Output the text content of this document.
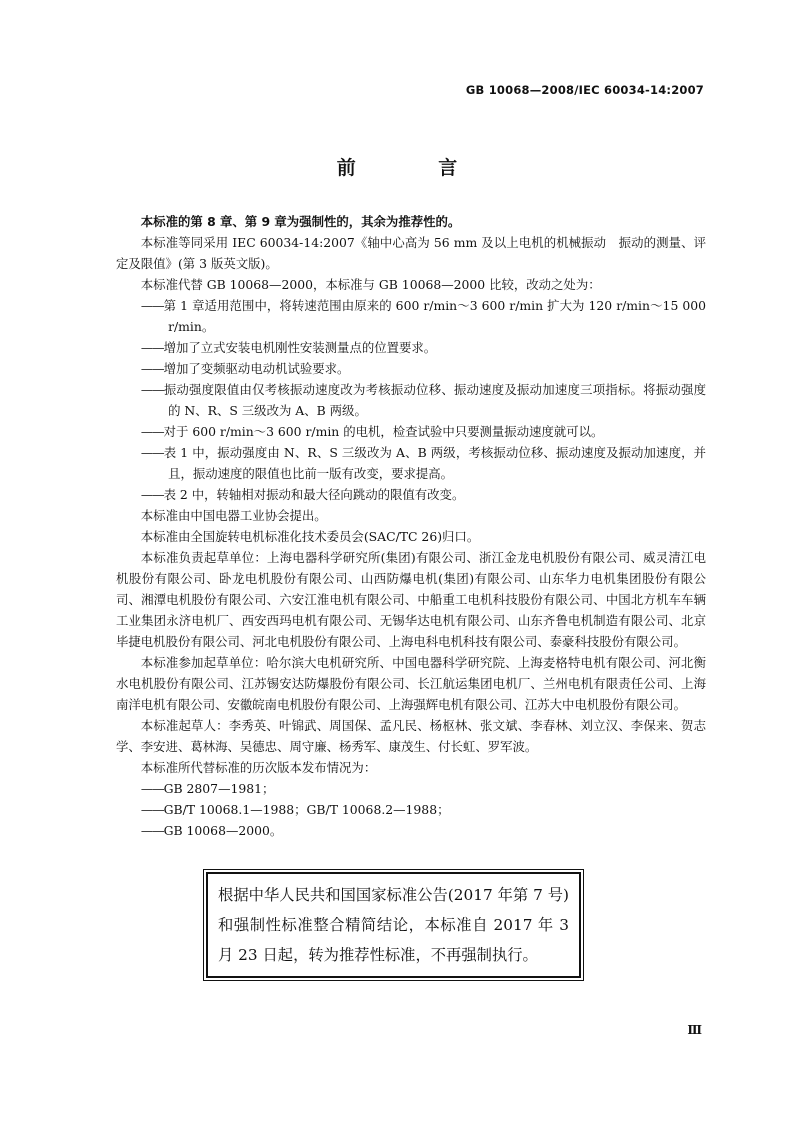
GB 10068—2008/IEC 60034-14:2007
前 言

本标准的第 8 章、第 9 章为强制性的，其余为推荐性的。

本标准等同采用 IEC 60034-14:2007《轴中心高为 56 mm 及以上电机的机械振动　振动的测量、评定及限值》(第 3 版英文版)。

本标准代替 GB 10068—2000，本标准与 GB 10068—2000 比较，改动之处为：

——第 1 章适用范围中，将转速范围由原来的 600 r/min～3 600 r/min 扩大为 120 r/min～15 000 r/min。

——增加了立式安装电机刚性安装测量点的位置要求。

——增加了变频驱动电动机试验要求。

——振动强度限值由仅考核振动速度改为考核振动位移、振动速度及振动加速度三项指标。将振动强度的 N、R、S 三级改为 A、B 两级。

——对于 600 r/min～3 600 r/min 的电机，检查试验中只要测量振动速度就可以。

——表 1 中，振动强度由 N、R、S 三级改为 A、B 两级，考核振动位移、振动速度及振动加速度，并且，振动速度的限值也比前一版有改变，要求提高。

——表 2 中，转轴相对振动和最大径向跳动的限值有改变。

本标准由中国电器工业协会提出。

本标准由全国旋转电机标准化技术委员会(SAC/TC 26)归口。

本标准负责起草单位：上海电器科学研究所(集团)有限公司、浙江金龙电机股份有限公司、威灵清江电机股份有限公司、卧龙电机股份有限公司、山西防爆电机(集团)有限公司、山东华力电机集团股份有限公司、湘潭电机股份有限公司、六安江淮电机有限公司、中船重工电机科技股份有限公司、中国北方机车车辆工业集团永济电机厂、西安西玛电机有限公司、无锡华达电机有限公司、山东齐鲁电机制造有限公司、北京毕捷电机股份有限公司、河北电机股份有限公司、上海电科电机科技有限公司、泰豪科技股份有限公司。

本标准参加起草单位：哈尔滨大电机研究所、中国电器科学研究院、上海麦格特电机有限公司、河北衡水电机股份有限公司、江苏锡安达防爆股份有限公司、长江航运集团电机厂、兰州电机有限责任公司、上海南洋电机有限公司、安徽皖南电机股份有限公司、上海强辉电机有限公司、江苏大中电机股份有限公司。

本标准起草人：李秀英、叶锦武、周国保、孟凡民、杨枢林、张文斌、李春林、刘立汉、李保来、贺志学、李安进、葛林海、吴德忠、周守廉、杨秀军、康茂生、付长虹、罗军波。

本标准所代替标准的历次版本发布情况为：

——GB 2807—1981；

——GB/T 10068.1—1988；GB/T 10068.2—1988；

——GB 10068—2000。

根据中华人民共和国国家标准公告(2017 年第 7 号)和强制性标准整合精简结论，本标准自 2017 年 3 月 23 日起，转为推荐性标准，不再强制执行。
Ⅲ
